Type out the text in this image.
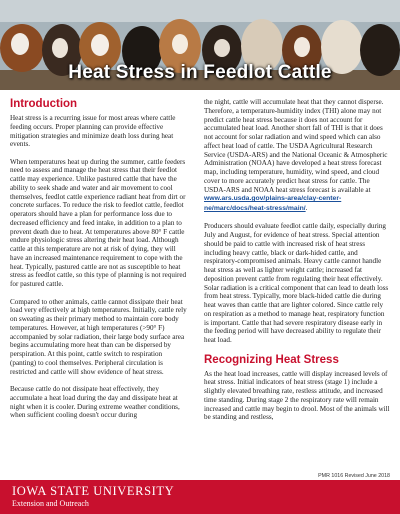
Heat Stress in Feedlot Cattle
Introduction

Heat stress is a recurring issue for most areas where cattle feeding occurs. Proper planning can provide effective mitigation strategies and minimize death loss during heat events.

When temperatures heat up during the summer, cattle feeders need to assess and manage the heat stress that their feedlot cattle may experience. Unlike pastured cattle that have the ability to seek shade and water and air movement to cool themselves, feedlot cattle experience radiant heat from dirt or concrete surfaces. To reduce the risk to feedlot cattle, feedlot operators should have a plan for performance loss due to decreased efficiency and feed intake, in addition to a plan to prevent death due to heat. At temperatures above 80° F cattle endure physiologic stress altering their heat load. Although cattle at this temperature are not at risk of dying, they will have an increased maintenance requirement to cope with the heat. Typically, pastured cattle are not as susceptible to heat stress as feedlot cattle, so this type of planning is not required for pastured cattle.

Compared to other animals, cattle cannot dissipate their heat load very effectively at high temperatures. Initially, cattle rely on sweating as their primary method to maintain core body temperatures. However, at high temperatures (>90° F) accompanied by solar radiation, their large body surface area begins accumulating more heat than can be dispersed by perspiration. At this point, cattle switch to respiration (panting) to cool themselves. Peripheral circulation is restricted and cattle will show evidence of heat stress.

Because cattle do not dissipate heat effectively, they accumulate a heat load during the day and dissipate heat at night when it is cooler. During extreme weather conditions, when sufficient cooling doesn't occur during

the night, cattle will accumulate heat that they cannot disperse. Therefore, a temperature-humidity index (THI) alone may not predict cattle heat stress because it does not account for accumulated heat load. Another short fall of THI is that it does not account for solar radiation and wind speed which can also affect heat load of cattle. The USDA Agricultural Research Service (USDA-ARS) and the National Oceanic & Atmospheric Administration (NOAA) have developed a heat stress forecast map, including temperature, humidity, wind speed, and cloud cover to more accurately predict heat stress for cattle. The USDA-ARS and NOAA heat stress forecast is available at www.ars.usda.gov/plains-area/clay-center-ne/marc/docs/heat-stress/main/.

Producers should evaluate feedlot cattle daily, especially during July and August, for evidence of heat stress. Special attention should be paid to cattle with increased risk of heat stress including heavy cattle, black or dark-hided cattle, and respiratory-compromised animals. Heavy cattle cannot handle heat stress as well as lighter weight cattle; increased fat deposition prevent cattle from regulating their heat effectively. Solar radiation is a critical component that can lead to death loss from heat stress. Typically, more black-hided cattle die during heat waves than cattle that are lighter colored. Since cattle rely on respiration as a method to manage heat, respiratory function is important. Cattle that had severe respiratory disease early in the feeding period will have decreased ability to regulate their heat load.

Recognizing Heat Stress

As the heat load increases, cattle will display increased levels of heat stress. Initial indicators of heat stress (stage 1) include a slightly elevated breathing rate, restless attitude, and increased time standing. During stage 2 the respiratory rate will remain increased and cattle may begin to drool. Most of the animals will be standing and restless,

PMR 1016 Revised June 2018
IOWA STATE UNIVERSITY
Extension and Outreach
